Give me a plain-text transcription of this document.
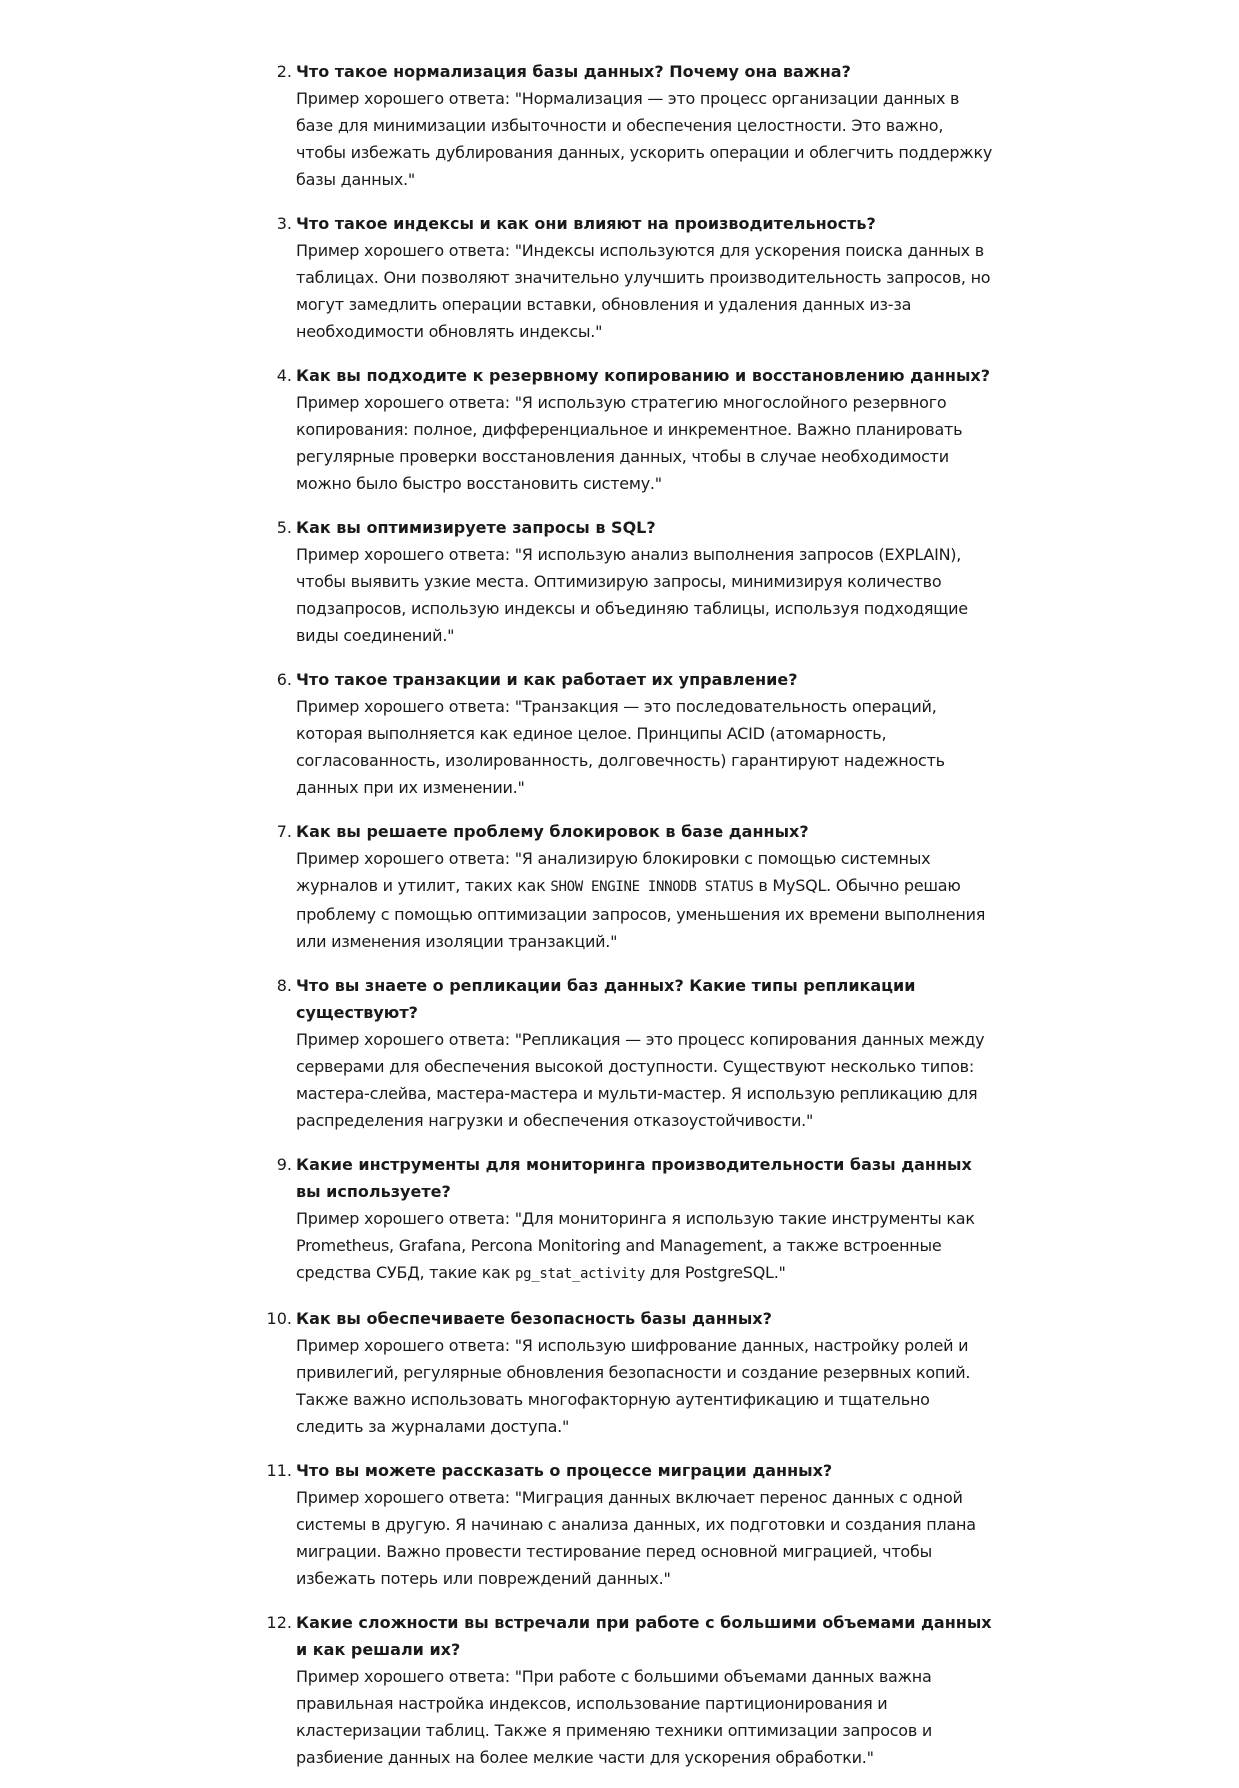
2. Что такое нормализация базы данных? Почему она важна?
Пример хорошего ответа: "Нормализация — это процесс организации данных в базе для минимизации избыточности и обеспечения целостности. Это важно, чтобы избежать дублирования данных, ускорить операции и облегчить поддержку базы данных."
3. Что такое индексы и как они влияют на производительность?
Пример хорошего ответа: "Индексы используются для ускорения поиска данных в таблицах. Они позволяют значительно улучшить производительность запросов, но могут замедлить операции вставки, обновления и удаления данных из-за необходимости обновлять индексы."
4. Как вы подходите к резервному копированию и восстановлению данных?
Пример хорошего ответа: "Я использую стратегию многослойного резервного копирования: полное, дифференциальное и инкрементное. Важно планировать регулярные проверки восстановления данных, чтобы в случае необходимости можно было быстро восстановить систему."
5. Как вы оптимизируете запросы в SQL?
Пример хорошего ответа: "Я использую анализ выполнения запросов (EXPLAIN), чтобы выявить узкие места. Оптимизирую запросы, минимизируя количество подзапросов, использую индексы и объединяю таблицы, используя подходящие виды соединений."
6. Что такое транзакции и как работает их управление?
Пример хорошего ответа: "Транзакция — это последовательность операций, которая выполняется как единое целое. Принципы ACID (атомарность, согласованность, изолированность, долговечность) гарантируют надежность данных при их изменении."
7. Как вы решаете проблему блокировок в базе данных?
Пример хорошего ответа: "Я анализирую блокировки с помощью системных журналов и утилит, таких как SHOW ENGINE INNODB STATUS в MySQL. Обычно решаю проблему с помощью оптимизации запросов, уменьшения их времени выполнения или изменения изоляции транзакций."
8. Что вы знаете о репликации баз данных? Какие типы репликации существуют?
Пример хорошего ответа: "Репликация — это процесс копирования данных между серверами для обеспечения высокой доступности. Существуют несколько типов: мастера-слейва, мастера-мастера и мульти-мастер. Я использую репликацию для распределения нагрузки и обеспечения отказоустойчивости."
9. Какие инструменты для мониторинга производительности базы данных вы используете?
Пример хорошего ответа: "Для мониторинга я использую такие инструменты как Prometheus, Grafana, Percona Monitoring and Management, а также встроенные средства СУБД, такие как pg_stat_activity для PostgreSQL."
10. Как вы обеспечиваете безопасность базы данных?
Пример хорошего ответа: "Я использую шифрование данных, настройку ролей и привилегий, регулярные обновления безопасности и создание резервных копий. Также важно использовать многофакторную аутентификацию и тщательно следить за журналами доступа."
11. Что вы можете рассказать о процессе миграции данных?
Пример хорошего ответа: "Миграция данных включает перенос данных с одной системы в другую. Я начинаю с анализа данных, их подготовки и создания плана миграции. Важно провести тестирование перед основной миграцией, чтобы избежать потерь или повреждений данных."
12. Какие сложности вы встречали при работе с большими объемами данных и как решали их?
Пример хорошего ответа: "При работе с большими объемами данных важна правильная настройка индексов, использование партиционирования и кластеризации таблиц. Также я применяю техники оптимизации запросов и разбиение данных на более мелкие части для ускорения обработки."
